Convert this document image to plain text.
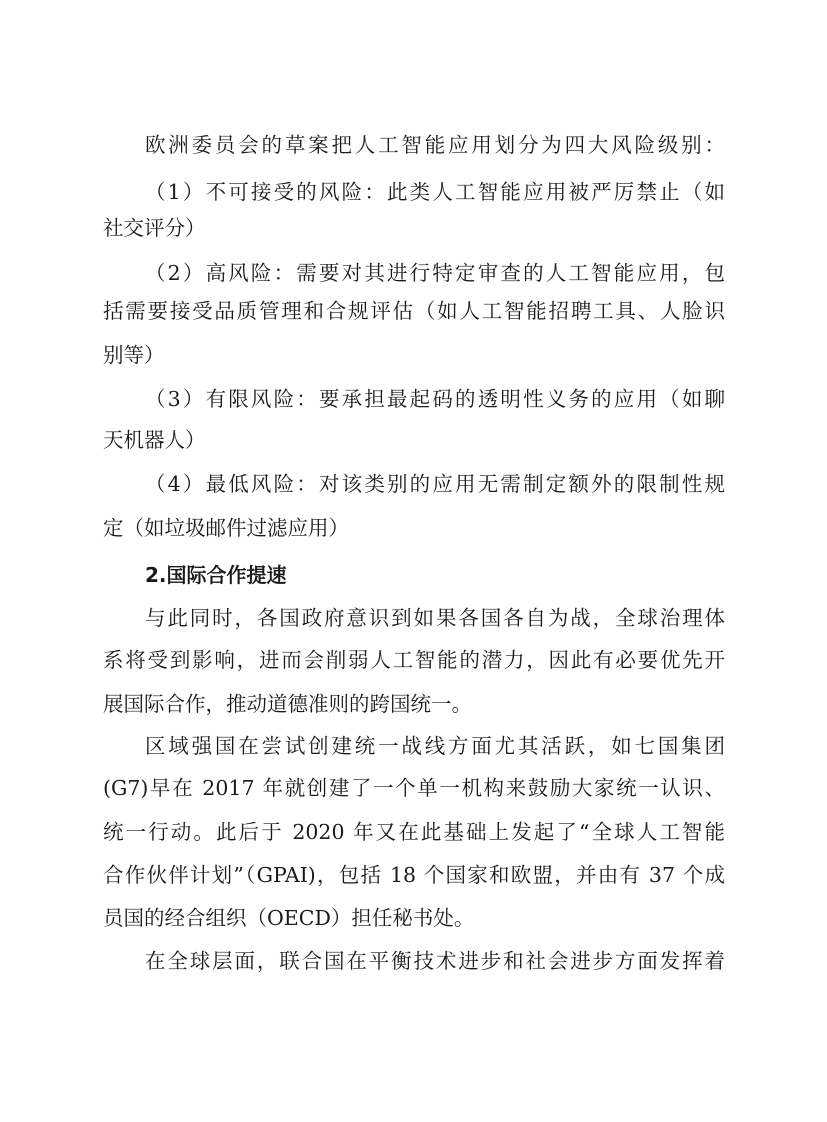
欧洲委员会的草案把人工智能应用划分为四大风险级别：
（1）不可接受的风险：此类人工智能应用被严厉禁止（如
社交评分）
（2）高风险：需要对其进行特定审查的人工智能应用，包
括需要接受品质管理和合规评估（如人工智能招聘工具、人脸识
别等）
（3）有限风险：要承担最起码的透明性义务的应用（如聊
天机器人）
（4）最低风险：对该类别的应用无需制定额外的限制性规
定（如垃圾邮件过滤应用）
2.国际合作提速
与此同时，各国政府意识到如果各国各自为战，全球治理体
系将受到影响，进而会削弱人工智能的潜力，因此有必要优先开
展国际合作，推动道德准则的跨国统一。
区域强国在尝试创建统一战线方面尤其活跃，如七国集团
(G7)早在 2017 年就创建了一个单一机构来鼓励大家统一认识、
统一行动。此后于 2020 年又在此基础上发起了“全球人工智能
合作伙伴计划”（GPAI)，包括 18 个国家和欧盟，并由有 37 个成
员国的经合组织（OECD）担任秘书处。
在全球层面，联合国在平衡技术进步和社会进步方面发挥着
